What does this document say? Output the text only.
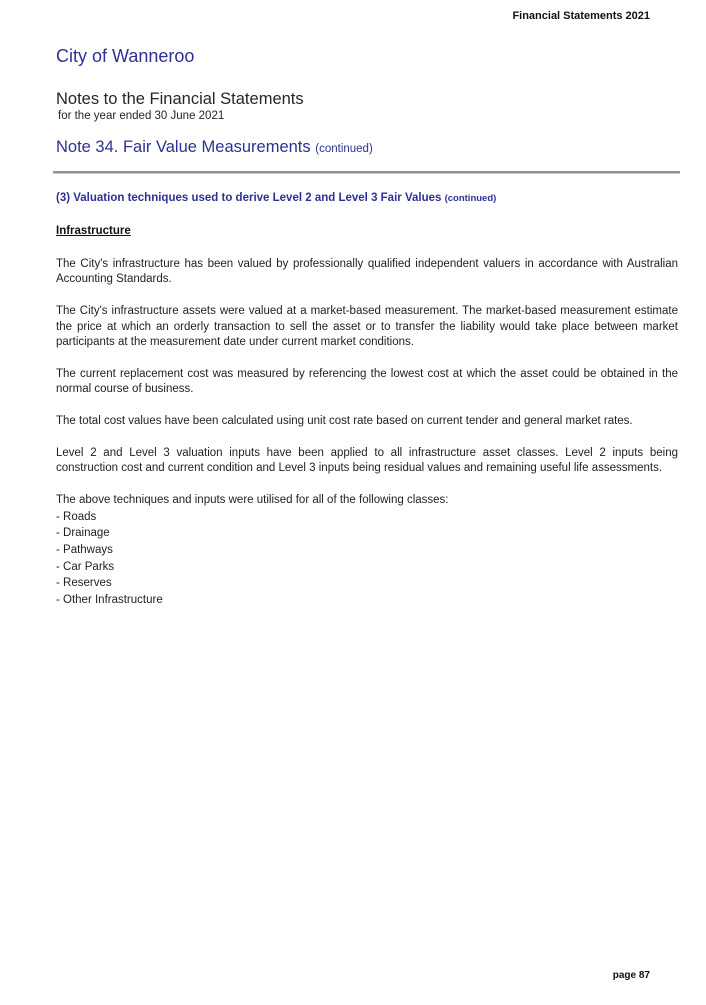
Financial Statements 2021
City of Wanneroo
Notes to the Financial Statements
for the year ended 30 June 2021
Note 34. Fair Value Measurements (continued)
(3) Valuation techniques used to derive Level 2 and Level 3 Fair Values (continued)
Infrastructure

The City's infrastructure has been valued by professionally qualified independent valuers in accordance with Australian Accounting Standards.

The City's infrastructure assets were valued at a market-based measurement. The market-based measurement estimate the price at which an orderly transaction to sell the asset or to transfer the liability would take place between market participants at the measurement date under current market conditions.

The current replacement cost was measured by referencing the lowest cost at which the asset could be obtained in the normal course of business.

The total cost values have been calculated using unit cost rate based on current tender and general market rates.

Level 2 and Level 3 valuation inputs have been applied to all infrastructure asset classes. Level 2 inputs being construction cost and current condition and Level 3 inputs being residual values and remaining useful life assessments.

The above techniques and inputs were utilised for all of the following classes:

- Roads
- Drainage
- Pathways
- Car Parks
- Reserves
- Other Infrastructure
page 87
